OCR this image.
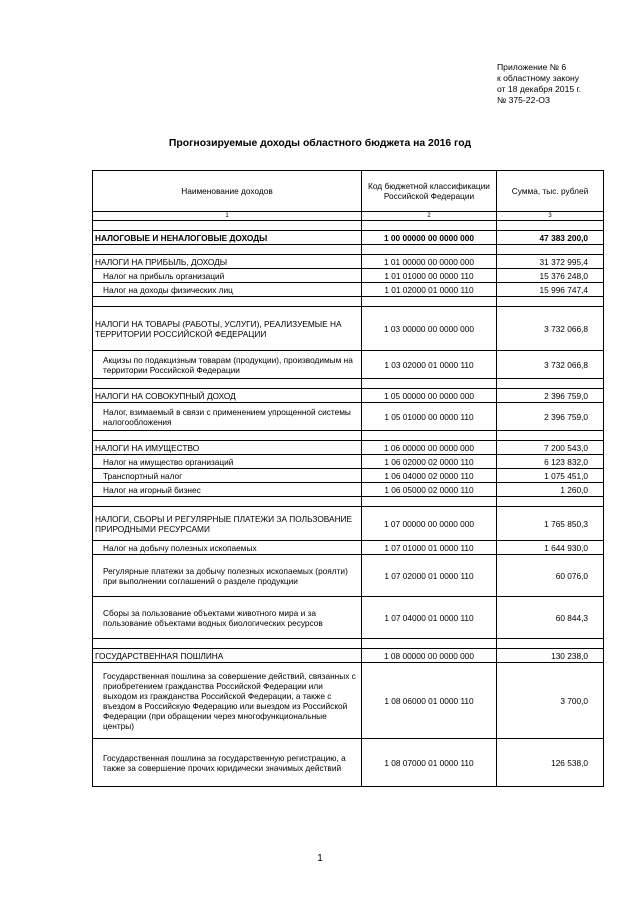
Приложение № 6
к областному закону
от 18 декабря 2015 г.
№ 375-22-ОЗ
Прогнозируемые доходы областного бюджета на 2016 год
Наименование доходов	Код бюджетной классификации Российской Федерации	Сумма, тыс. рублей
1	2	3

НАЛОГОВЫЕ И НЕНАЛОГОВЫЕ ДОХОДЫ	1 00 00000 00 0000 000	47 383 200,0

НАЛОГИ НА ПРИБЫЛЬ, ДОХОДЫ	1 01 00000 00 0000 000	31 372 995,4
Налог на прибыль организаций	1 01 01000 00 0000 110	15 376 248,0
Налог на доходы физических лиц	1 01 02000 01 0000 110	15 996 747,4

НАЛОГИ НА ТОВАРЫ (РАБОТЫ, УСЛУГИ), РЕАЛИЗУЕМЫЕ НА ТЕРРИТОРИИ РОССИЙСКОЙ ФЕДЕРАЦИИ	1 03 00000 00 0000 000	3 732 066,8
Акцизы по подакцизным товарам (продукции), производимым на территории Российской Федерации	1 03 02000 01 0000 110	3 732 066,8

НАЛОГИ НА СОВОКУПНЫЙ ДОХОД	1 05 00000 00 0000 000	2 396 759,0
Налог, взимаемый в связи с применением упрощенной системы налогообложения	1 05 01000 00 0000 110	2 396 759,0

НАЛОГИ НА ИМУЩЕСТВО	1 06 00000 00 0000 000	7 200 543,0
Налог на имущество организаций	1 06 02000 02 0000 110	6 123 832,0
Транспортный налог	1 06 04000 02 0000 110	1 075 451,0
Налог на игорный бизнес	1 06 05000 02 0000 110	1 260,0

НАЛОГИ, СБОРЫ И РЕГУЛЯРНЫЕ ПЛАТЕЖИ ЗА ПОЛЬЗОВАНИЕ ПРИРОДНЫМИ РЕСУРСАМИ	1 07 00000 00 0000 000	1 765 850,3
Налог на добычу полезных ископаемых	1 07 01000 01 0000 110	1 644 930,0
Регулярные платежи за добычу полезных ископаемых (роялти) при выполнении соглашений о разделе продукции	1 07 02000 01 0000 110	60 076,0
Сборы за пользование объектами животного мира и за пользование объектами водных биологических ресурсов	1 07 04000 01 0000 110	60 844,3

ГОСУДАРСТВЕННАЯ ПОШЛИНА	1 08 00000 00 0000 000	130 238,0
Государственная пошлина за совершение действий, связанных с приобретением гражданства Российской Федерации или выходом из гражданства Российской Федерации, а также с въездом в Российскую Федерацию или выездом из Российской Федерации (при обращении через многофункциональные центры)	1 08 06000 01 0000 110	3 700,0
Государственная пошлина за государственную регистрацию, а также за совершение прочих юридически значимых действий	1 08 07000 01 0000 110	126 538,0
1
